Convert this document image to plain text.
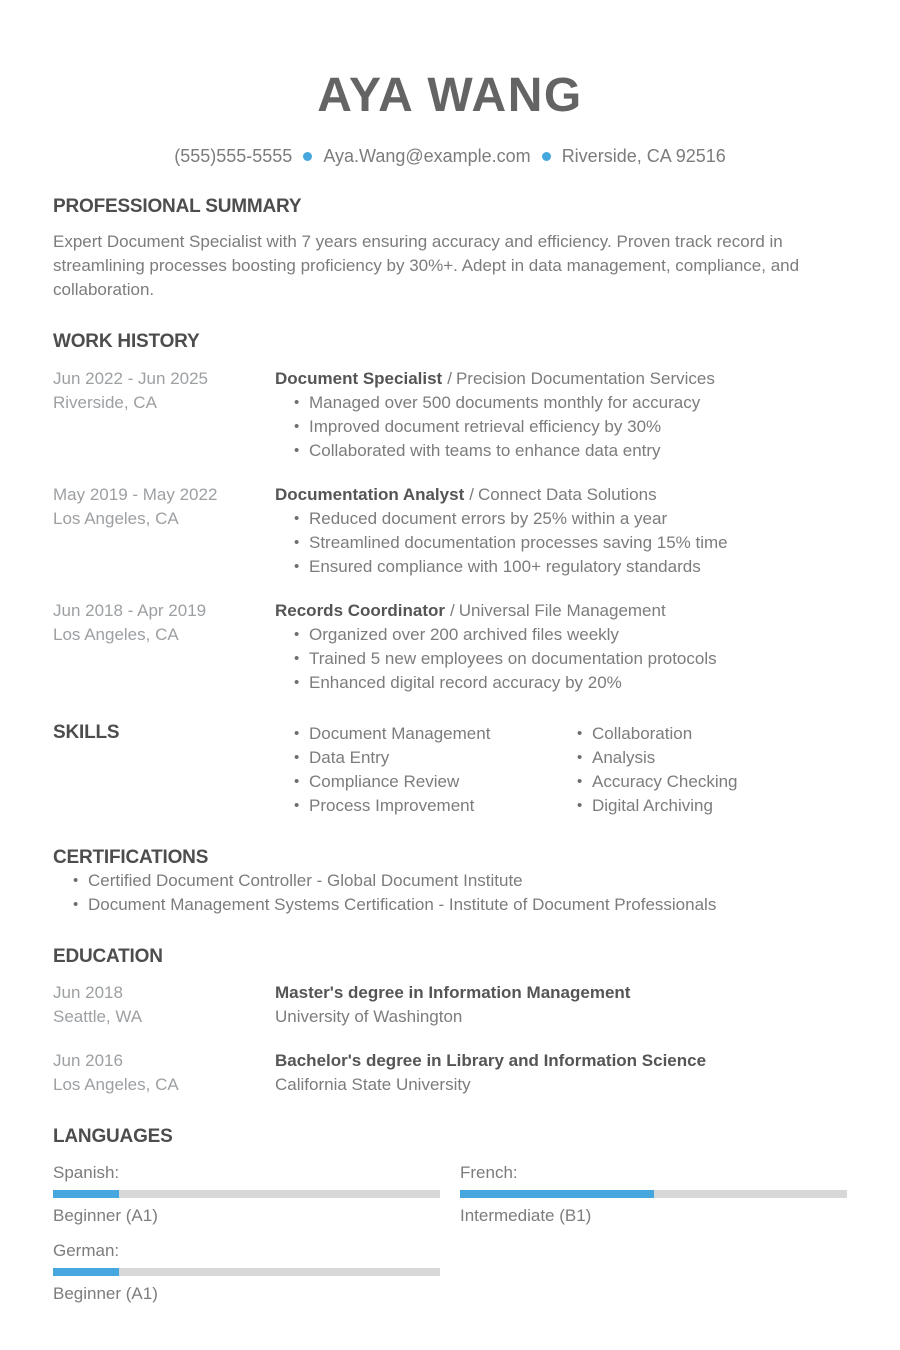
AYA WANG
(555)555-5555 Aya.Wang@example.com Riverside, CA 92516
PROFESSIONAL SUMMARY

Expert Document Specialist with 7 years ensuring accuracy and efficiency. Proven track record in streamlining processes boosting proficiency by 30%+. Adept in data management, compliance, and collaboration.

WORK HISTORY
Jun 2022 - Jun 2025
Riverside, CA
Document Specialist / Precision Documentation Services
• Managed over 500 documents monthly for accuracy
• Improved document retrieval efficiency by 30%
• Collaborated with teams to enhance data entry
May 2019 - May 2022
Los Angeles, CA
Documentation Analyst / Connect Data Solutions
• Reduced document errors by 25% within a year
• Streamlined documentation processes saving 15% time
• Ensured compliance with 100+ regulatory standards
Jun 2018 - Apr 2019
Los Angeles, CA
Records Coordinator / Universal File Management
• Organized over 200 archived files weekly
• Trained 5 new employees on documentation protocols
• Enhanced digital record accuracy by 20%
SKILLS	• Document Management
• Data Entry
• Compliance Review
• Process Improvement
• Collaboration
• Analysis
• Accuracy Checking
• Digital Archiving
CERTIFICATIONS
• Certified Document Controller - Global Document Institute
• Document Management Systems Certification - Institute of Document Professionals
EDUCATION
Jun 2018
Seattle, WA
Master's degree in Information Management
University of Washington
Jun 2016
Los Angeles, CA
Bachelor's degree in Library and Information Science
California State University
LANGUAGES
Spanish:
Beginner (A1)
French:
Intermediate (B1)
German:
Beginner (A1)
